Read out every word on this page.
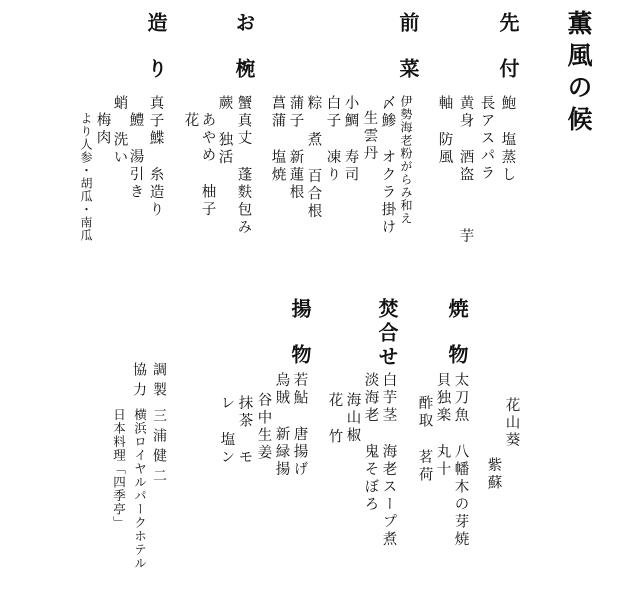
薫風の候
先付
鮑 塩蒸し
長アスパラ
黄身 酒盗
軸 防風
芋
前菜
伊勢海老粉がらみ和え
〆鯵 オクラ掛け
生雲丹
小鯛 寿司
白子 凍り
粽 煮 百合根
蒲子 新蓮根
菖蒲 塩焼
お椀
蟹真丈 蓬麩包み
蕨 独活
あやめ 柚子
花
造り
真子鰈 糸造り
鱧 湯引き
蛸 洗い
梅肉
より人参・胡瓜・南瓜
焼物
太刀魚 八幡木の芽焼
貝独楽 丸十
酢取 茗荷	花山葵
紫蘇
焚合せ
白芋茎 海老スープ煮
淡海老 鬼そぼろ
海山椒
花 竹
揚物
若鮎 唐揚げ
烏賊 新緑揚
谷中生姜
抹茶 モ
レ 塩ン
調製
三浦健二
協力
横浜ロイヤルパークホテル
日本料理「四季亭」
